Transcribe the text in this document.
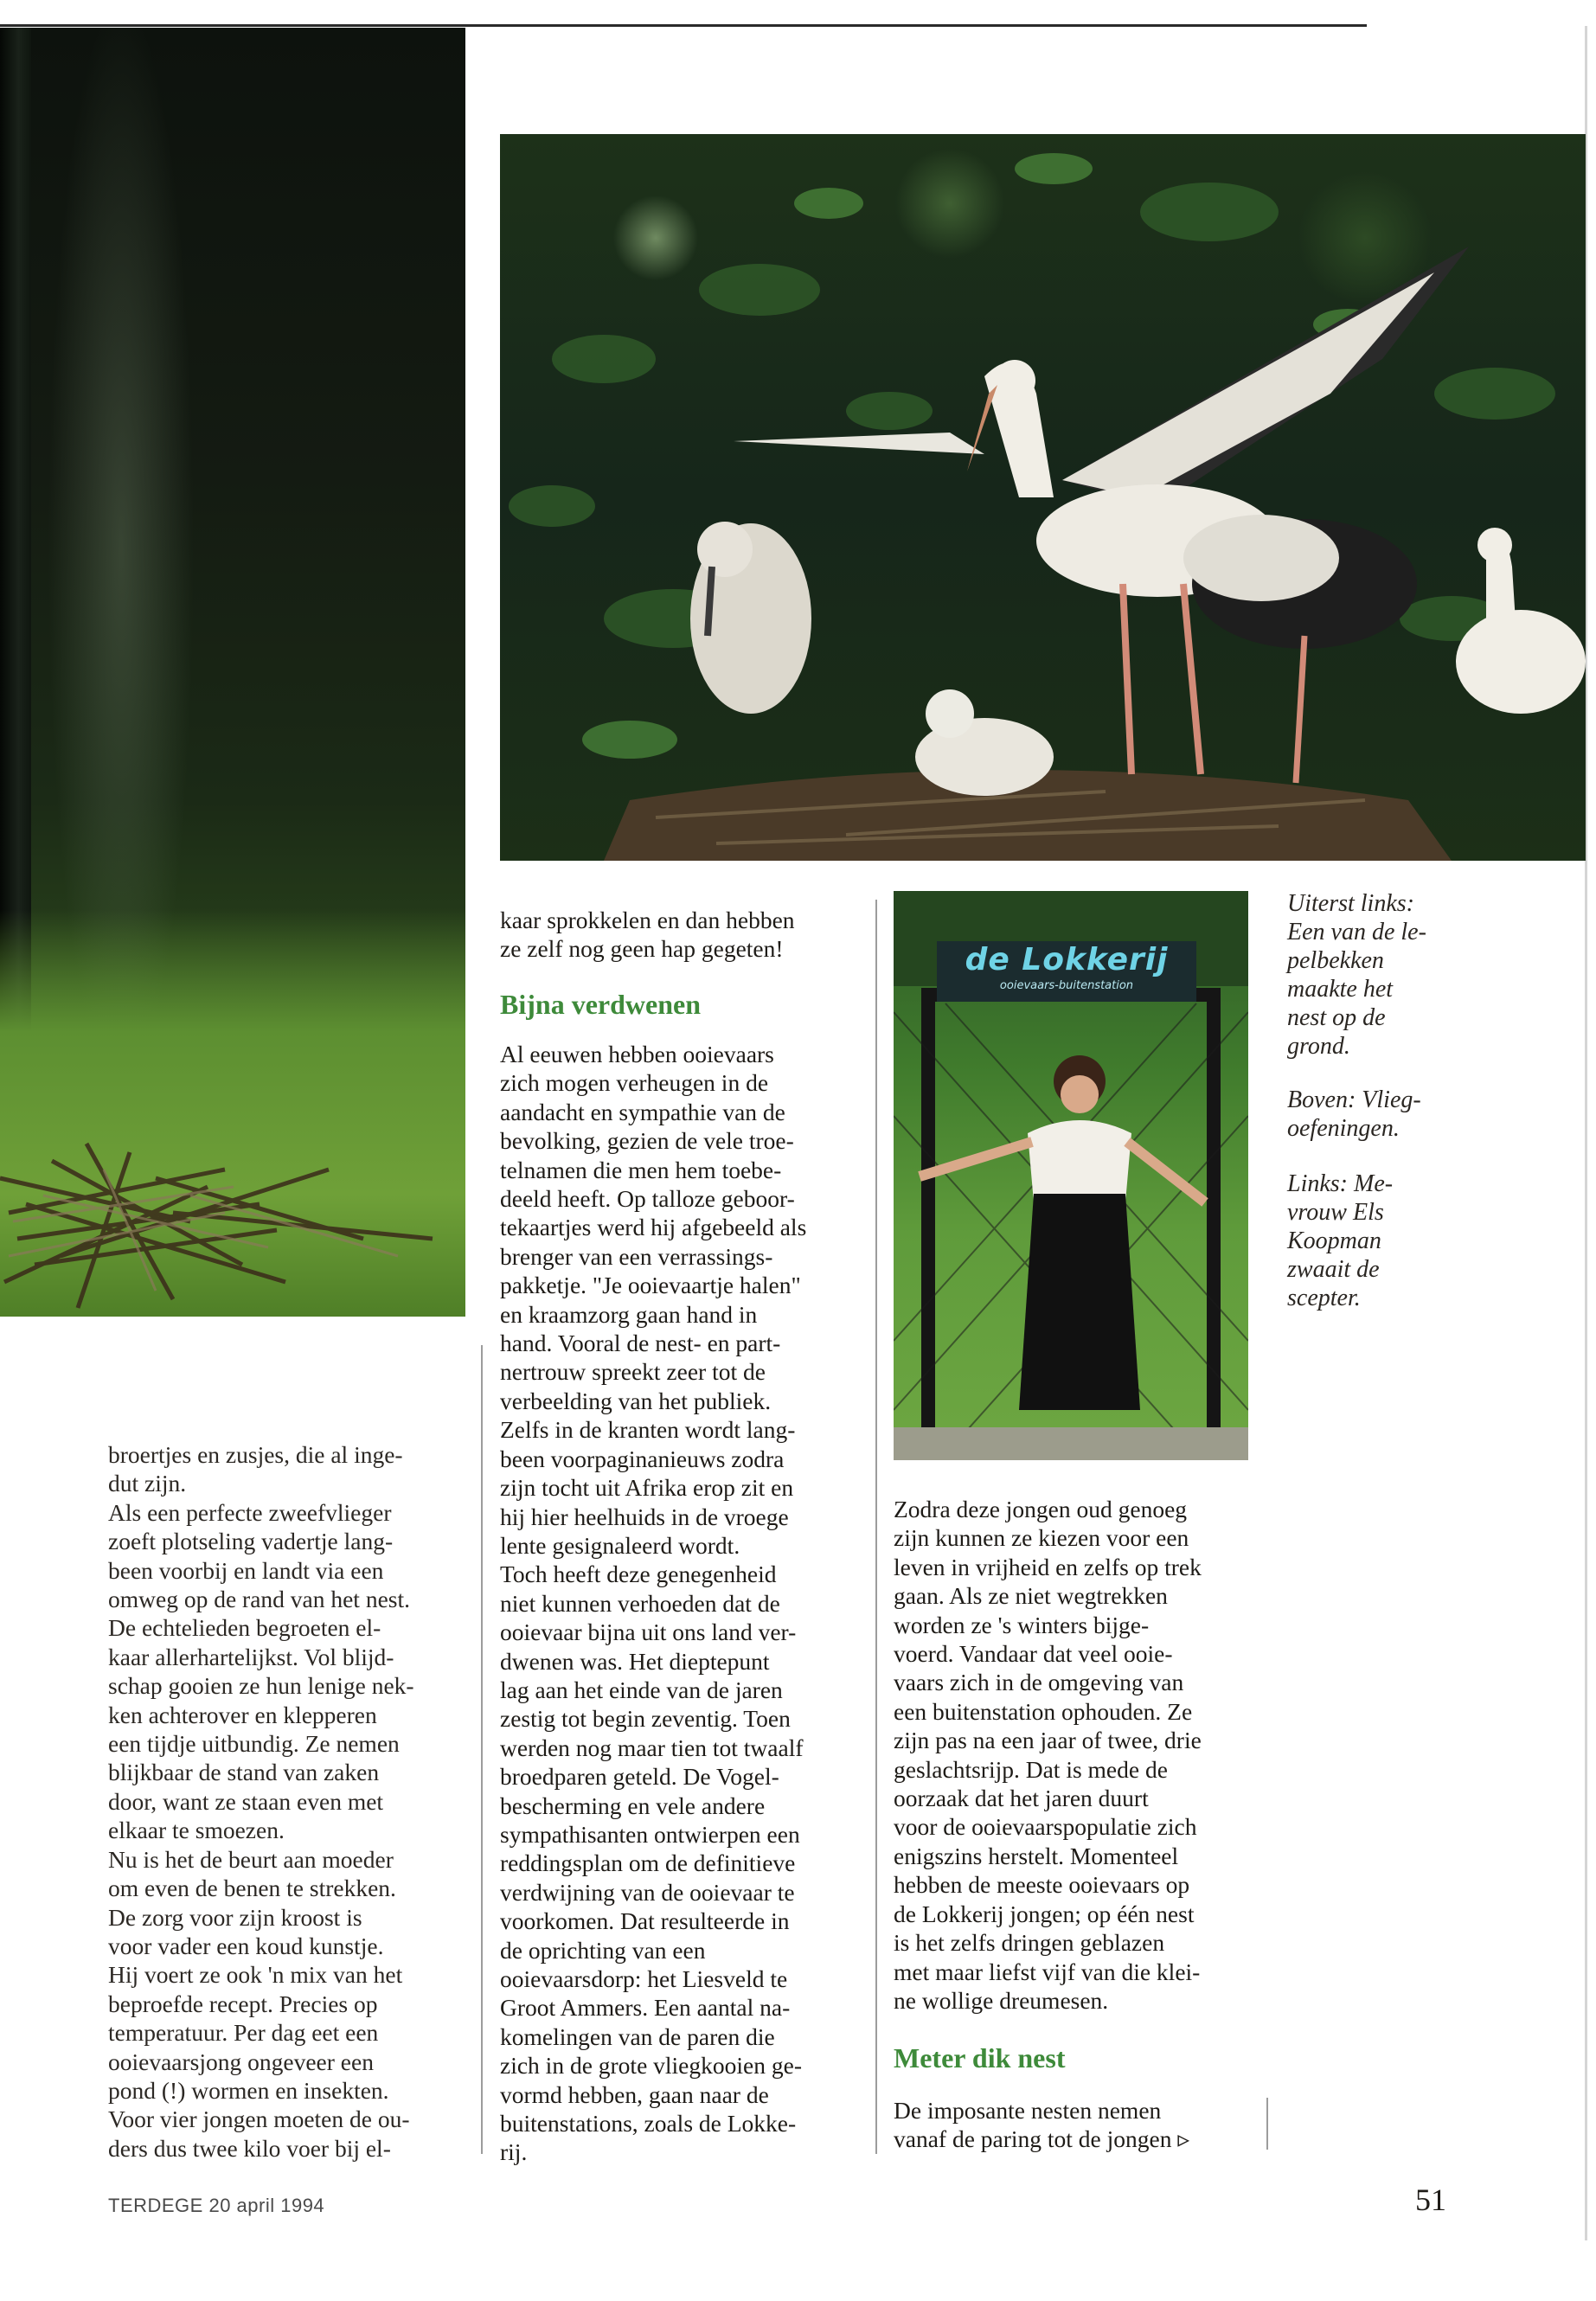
de Lokkerij
ooievaars-buitenstation
broertjes en zusjes, die al inge-
dut zijn.
Als een perfecte zweefvlieger
zoeft plotseling vadertje lang-
been voorbij en landt via een
omweg op de rand van het nest.
De echtelieden begroeten el-
kaar allerhartelijkst. Vol blijd-
schap gooien ze hun lenige nek-
ken achterover en klepperen
een tijdje uitbundig. Ze nemen
blijkbaar de stand van zaken
door, want ze staan even met
elkaar te smoezen.
Nu is het de beurt aan moeder
om even de benen te strekken.
De zorg voor zijn kroost is
voor vader een koud kunstje.
Hij voert ze ook 'n mix van het
beproefde recept. Precies op
temperatuur. Per dag eet een
ooievaarsjong ongeveer een
pond (!) wormen en insekten.
Voor vier jongen moeten de ou-
ders dus twee kilo voer bij el-
kaar sprokkelen en dan hebben
ze zelf nog geen hap gegeten!
Bijna verdwenen
Al eeuwen hebben ooievaars
zich mogen verheugen in de
aandacht en sympathie van de
bevolking, gezien de vele troe-
telnamen die men hem toebe-
deeld heeft. Op talloze geboor-
tekaartjes werd hij afgebeeld als
brenger van een verrassings-
pakketje. "Je ooievaartje halen"
en kraamzorg gaan hand in
hand. Vooral de nest- en part-
nertrouw spreekt zeer tot de
verbeelding van het publiek.
Zelfs in de kranten wordt lang-
been voorpaginanieuws zodra
zijn tocht uit Afrika erop zit en
hij hier heelhuids in de vroege
lente gesignaleerd wordt.
Toch heeft deze genegenheid
niet kunnen verhoeden dat de
ooievaar bijna uit ons land ver-
dwenen was. Het dieptepunt
lag aan het einde van de jaren
zestig tot begin zeventig. Toen
werden nog maar tien tot twaalf
broedparen geteld. De Vogel-
bescherming en vele andere
sympathisanten ontwierpen een
reddingsplan om de definitieve
verdwijning van de ooievaar te
voorkomen. Dat resulteerde in
de oprichting van een
ooievaarsdorp: het Liesveld te
Groot Ammers. Een aantal na-
komelingen van de paren die
zich in de grote vliegkooien ge-
vormd hebben, gaan naar de
buitenstations, zoals de Lokke-
rij.
Zodra deze jongen oud genoeg
zijn kunnen ze kiezen voor een
leven in vrijheid en zelfs op trek
gaan. Als ze niet wegtrekken
worden ze 's winters bijge-
voerd. Vandaar dat veel ooie-
vaars zich in de omgeving van
een buitenstation ophouden. Ze
zijn pas na een jaar of twee, drie
geslachtsrijp. Dat is mede de
oorzaak dat het jaren duurt
voor de ooievaarspopulatie zich
enigszins herstelt. Momenteel
hebben de meeste ooievaars op
de Lokkerij jongen; op één nest
is het zelfs dringen geblazen
met maar liefst vijf van die klei-
ne wollige dreumesen.
Meter dik nest
De imposante nesten nemen
vanaf de paring tot de jongen ▹
Uiterst links:
Een van de le-
pelbekken
maakte het
nest op de
grond.
Boven: Vlieg-
oefeningen.
Links: Me-
vrouw Els
Koopman
zwaait de
scepter.
TERDEGE 20 april 1994	51
